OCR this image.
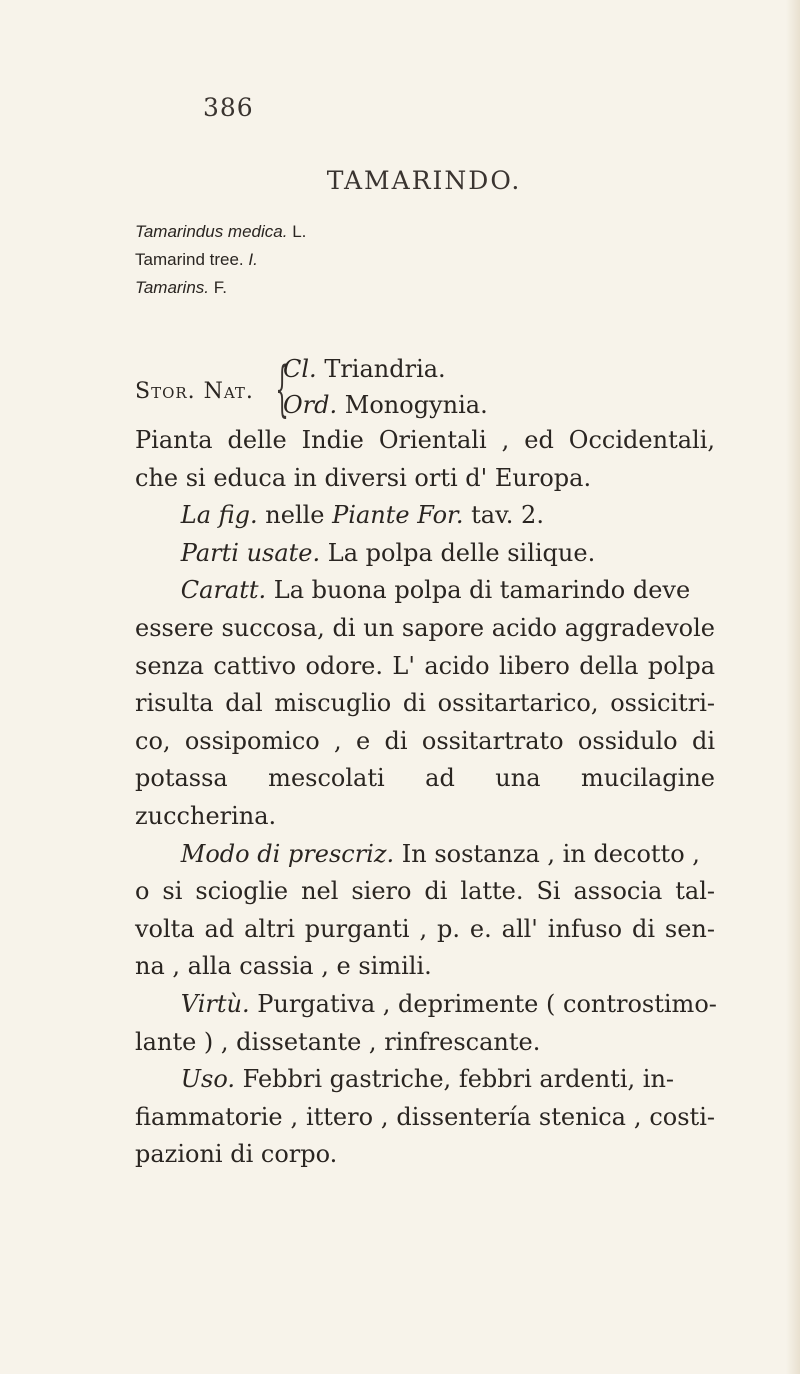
386
TAMARINDO.
Tamarindus medica. L.
Tamarind tree. I.
Tamarins. F.
Stor. Nat. {
Cl. Triandria.
Ord. Monogynia.
Pianta delle Indie Orientali , ed Occidentali,
che si educa in diversi orti d' Europa.
La fig. nelle Piante For. tav. 2.
Parti usate. La polpa delle silique.
Caratt. La buona polpa di tamarindo deve
essere succosa, di un sapore acido aggradevole
senza cattivo odore. L' acido libero della polpa
risulta dal miscuglio di ossitartarico, ossicitri-
co, ossipomico , e di ossitartrato ossidulo di
potassa mescolati ad una mucilagine zuccherina.
Modo di prescriz. In sostanza , in decotto ,
o si scioglie nel siero di latte. Si associa tal-
volta ad altri purganti , p. e. all' infuso di sen-
na , alla cassia , e simili.
Virtù. Purgativa , deprimente ( controstimo-
lante ) , dissetante , rinfrescante.
Uso. Febbri gastriche, febbri ardenti, in-
fiammatorie , ittero , dissentería stenica , costi-
pazioni di corpo.
